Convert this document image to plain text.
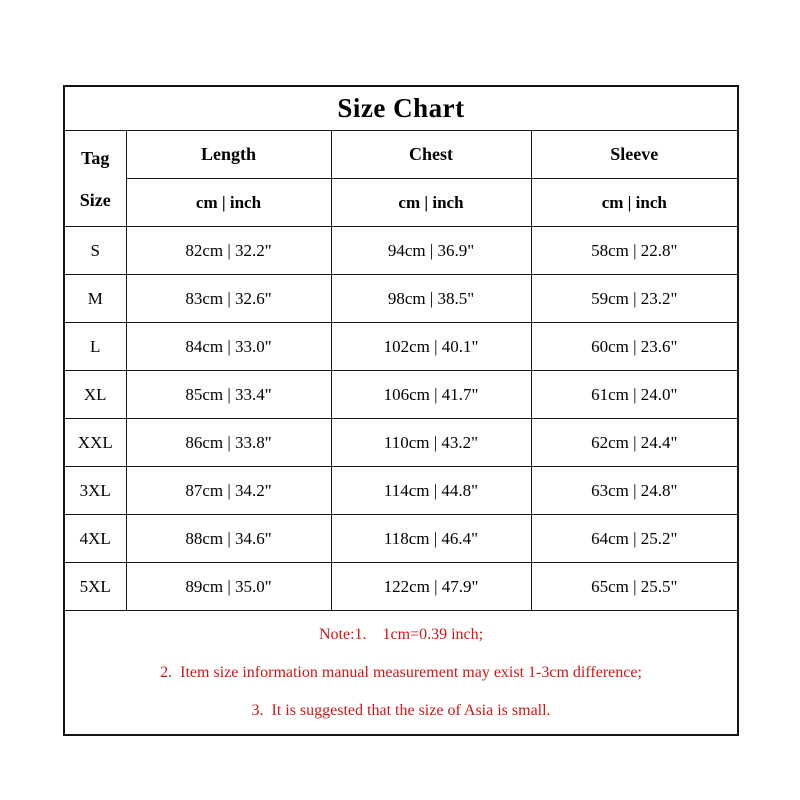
Size Chart			

Tag
Size	Length	Chest	Sleeve
	cm | inch	cm | inch	cm | inch
S	82cm | 32.2"	94cm | 36.9"	58cm | 22.8"
M	83cm | 32.6"	98cm | 38.5"	59cm | 23.2"
L	84cm | 33.0"	102cm | 40.1"	60cm | 23.6"
XL	85cm | 33.4"	106cm | 41.7"	61cm | 24.0"
XXL	86cm | 33.8"	110cm | 43.2"	62cm | 24.4"
3XL	87cm | 34.2"	114cm | 44.8"	63cm | 24.8"
4XL	88cm | 34.6"	118cm | 46.4"	64cm | 25.2"
5XL	89cm | 35.0"	122cm | 47.9"	65cm | 25.5"

Note:1.    1cm=0.39 inch;

2.  Item size information manual measurement may exist 1-3cm difference;

3.  It is suggested that the size of Asia is small.			
